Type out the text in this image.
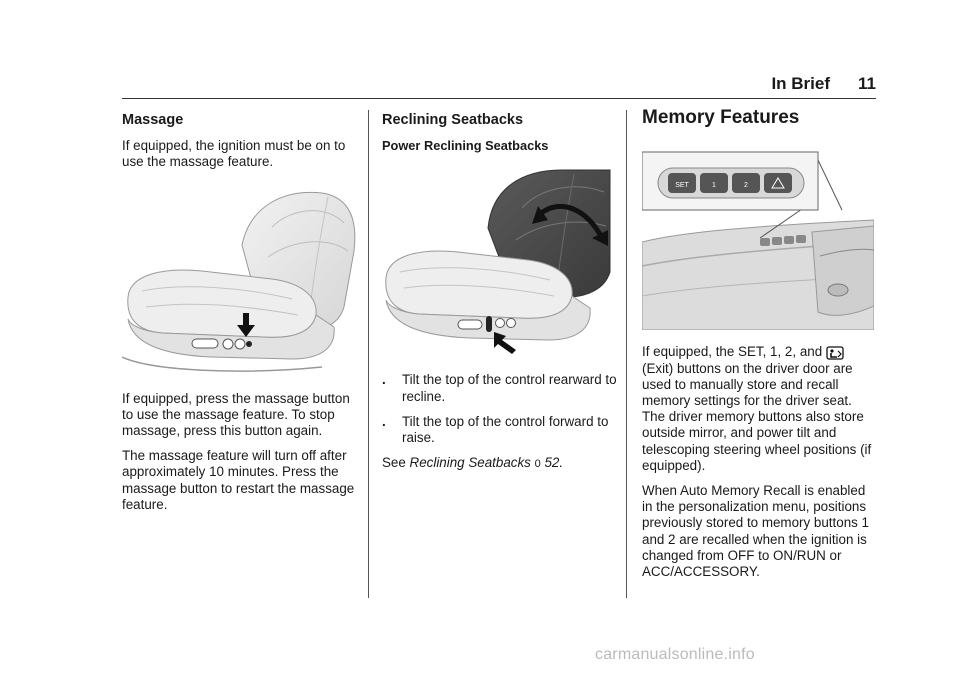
In Brief 11
Massage

If equipped, the ignition must be on to use the massage feature.

If equipped, press the massage button to use the massage feature. To stop massage, press this button again.

The massage feature will turn off after approximately 10 minutes. Press the massage button to restart the massage feature.

Reclining Seatbacks
Power Reclining Seatbacks
. Tilt the top of the control rearward to recline.
. Tilt the top of the control forward to raise.

See Reclining Seatbacks 0 52.

Memory Features
SET	1	2

If equipped, the SET, 1, 2, and  (Exit) buttons on the driver door are used to manually store and recall memory settings for the driver seat. The driver memory buttons also store outside mirror, and power tilt and telescoping steering wheel positions (if equipped).

When Auto Memory Recall is enabled in the personalization menu, positions previously stored to memory buttons 1 and 2 are recalled when the ignition is changed from OFF to ON/RUN or ACC/ACCESSORY.

carmanualsonline.info
